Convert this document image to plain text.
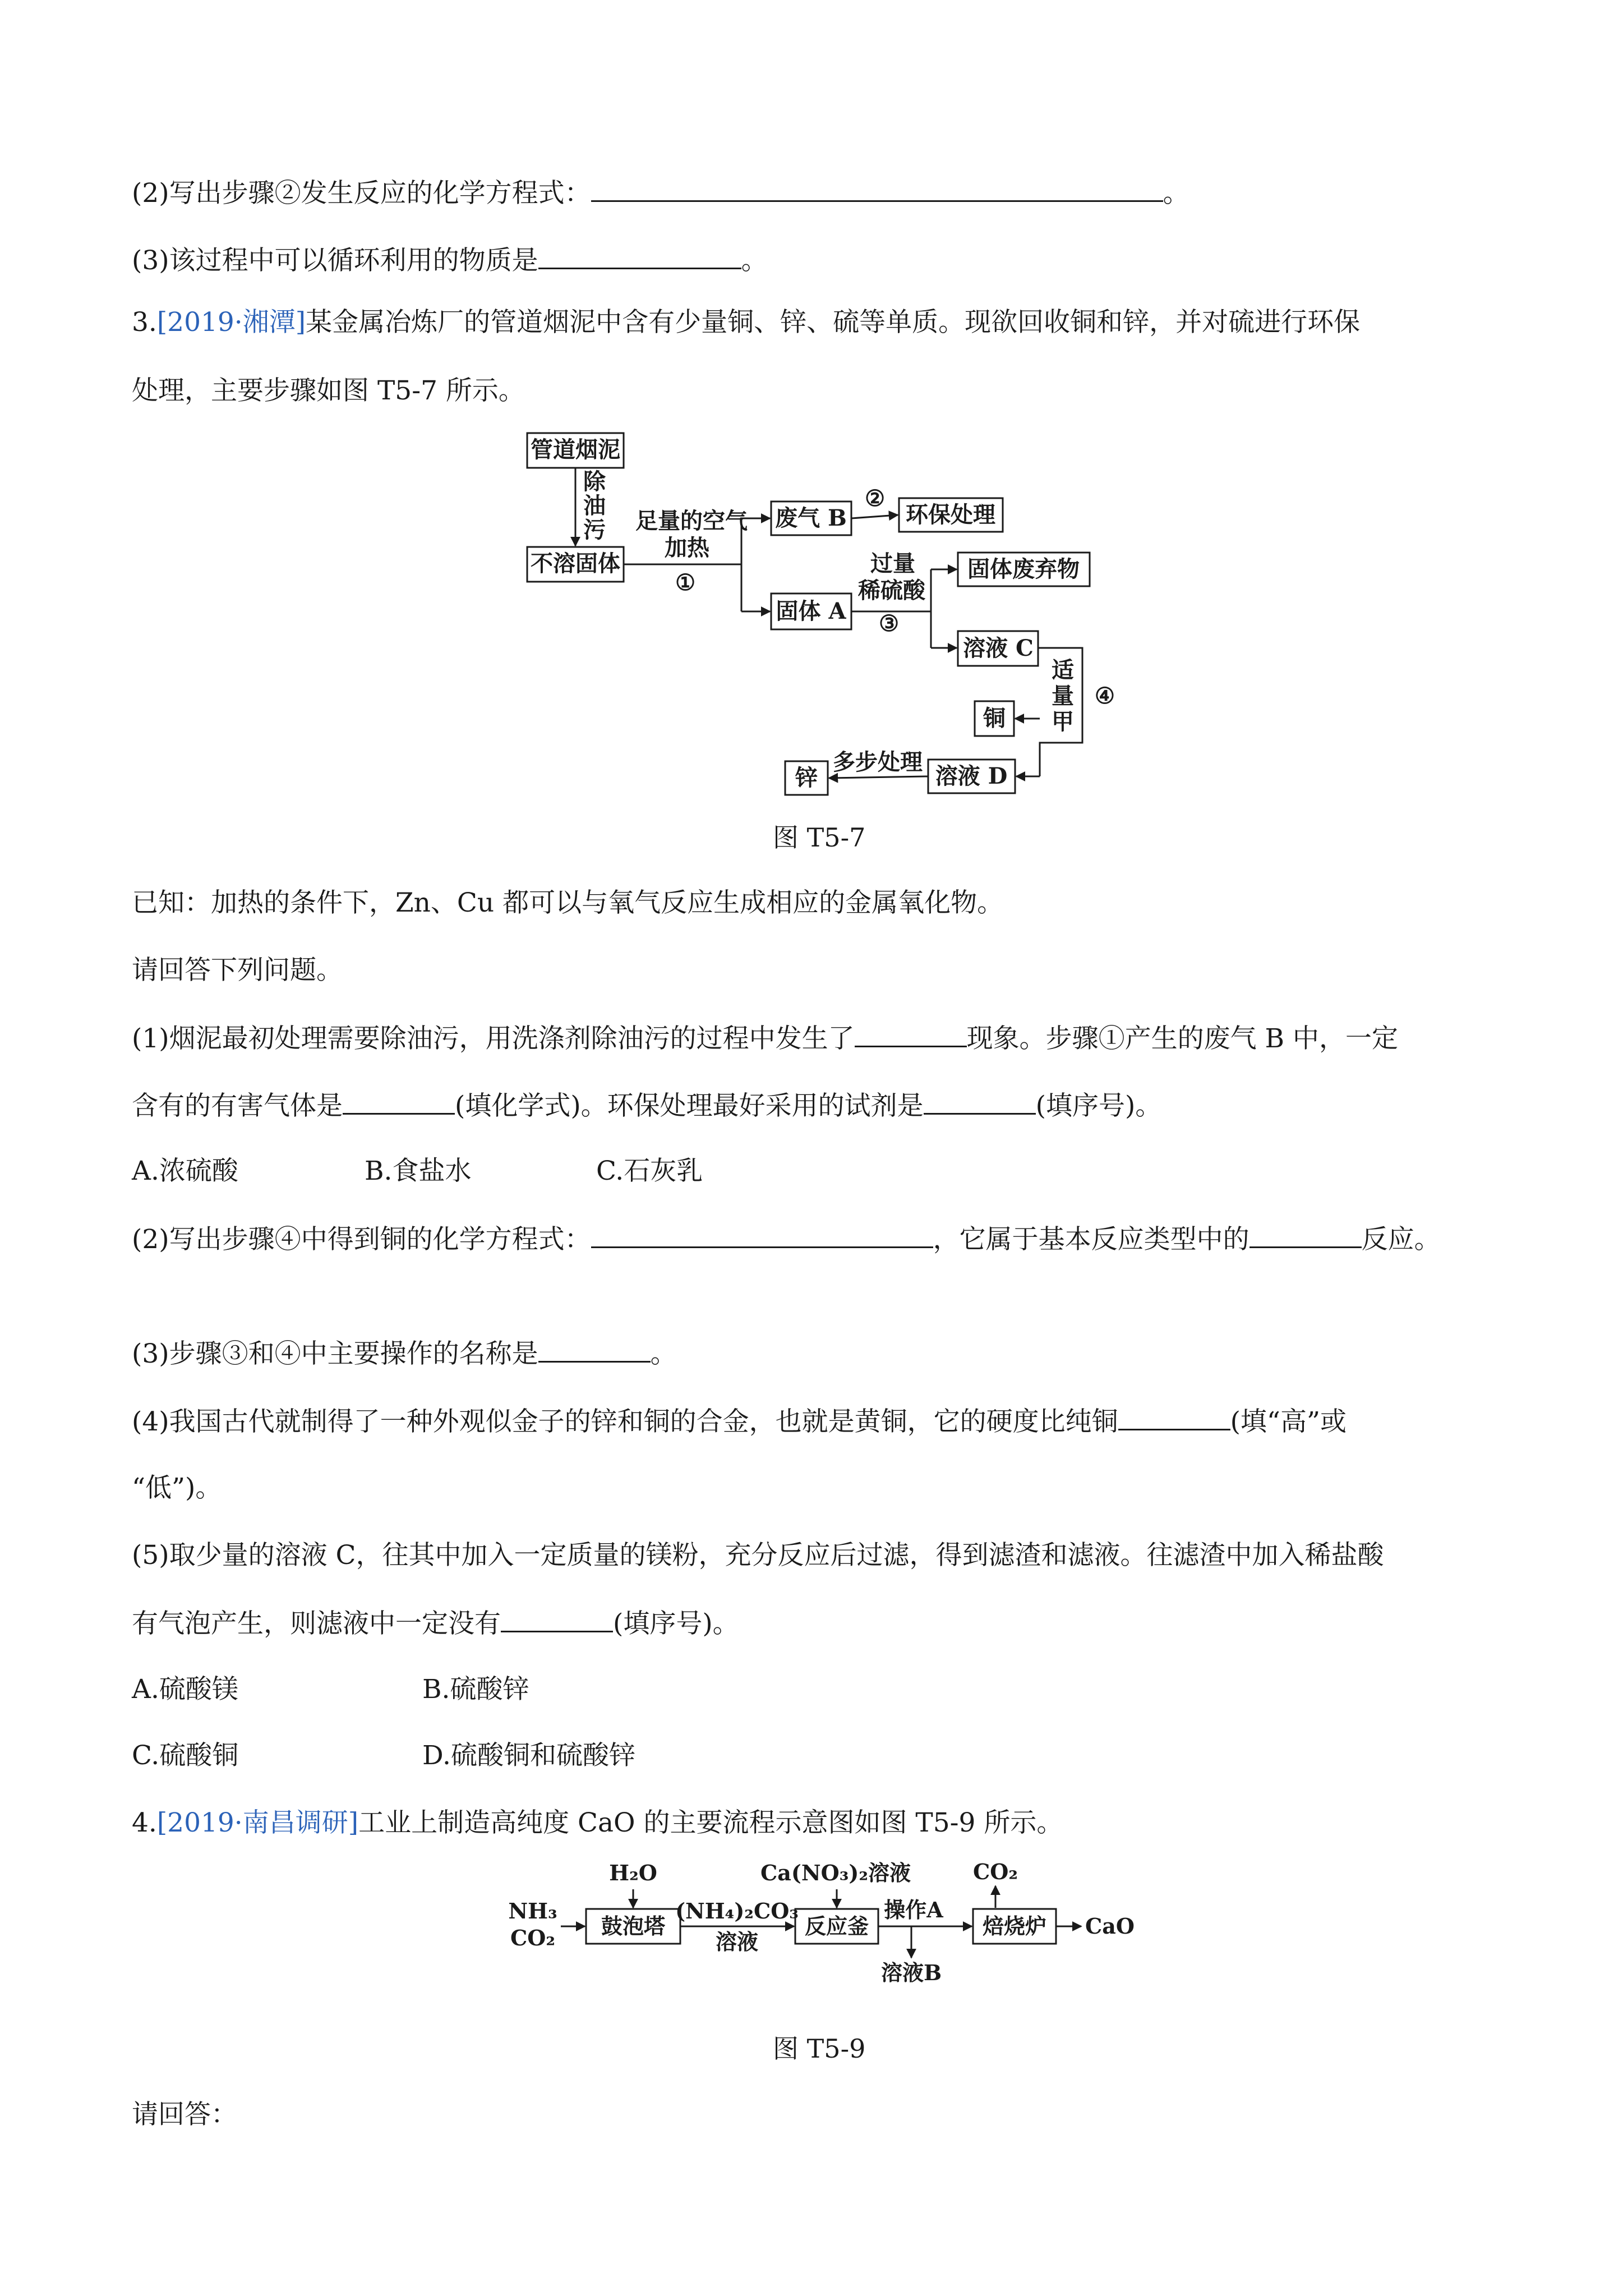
(2)写出步骤②发生反应的化学方程式：	。
(3)该过程中可以循环利用的物质是	。
3.[2019·湘潭]某金属冶炼厂的管道烟泥中含有少量铜、锌、硫等单质。现欲回收铜和锌，并对硫进行环保
处理，主要步骤如图 T5-7 所示。
管道烟泥
除
油
污
不溶固体
足量的空气
加热
①
废气 B
②
环保处理
固体 A
过量
稀硫酸
③
固体废弃物
溶液 C
适
量
甲
④
铜
溶液 D
多步处理
锌
图 T5-7
已知：加热的条件下，Zn、Cu 都可以与氧气反应生成相应的金属氧化物。
请回答下列问题。
(1)烟泥最初处理需要除油污，用洗涤剂除油污的过程中发生了	现象。步骤①产生的废气 B 中，一定
含有的有害气体是	(填化学式)。环保处理最好采用的试剂是	(填序号)。
A.浓硫酸	B.食盐水	C.石灰乳
(2)写出步骤④中得到铜的化学方程式：	，它属于基本反应类型中的	反应。
(3)步骤③和④中主要操作的名称是	。
(4)我国古代就制得了一种外观似金子的锌和铜的合金，也就是黄铜，它的硬度比纯铜	(填“高”或
“低”)。
(5)取少量的溶液 C，往其中加入一定质量的镁粉，充分反应后过滤，得到滤渣和滤液。往滤渣中加入稀盐酸
有气泡产生，则滤液中一定没有	(填序号)。
A.硫酸镁	B.硫酸锌
C.硫酸铜	D.硫酸铜和硫酸锌
4.[2019·南昌调研]工业上制造高纯度 CaO 的主要流程示意图如图 T5-9 所示。
NH₃
CO₂
H₂O
鼓泡塔
(NH₄)₂CO₃
溶液
Ca(NO₃)₂溶液
反应釜
操作A
溶液B
CO₂
焙烧炉 CaO
图 T5-9
请回答：
